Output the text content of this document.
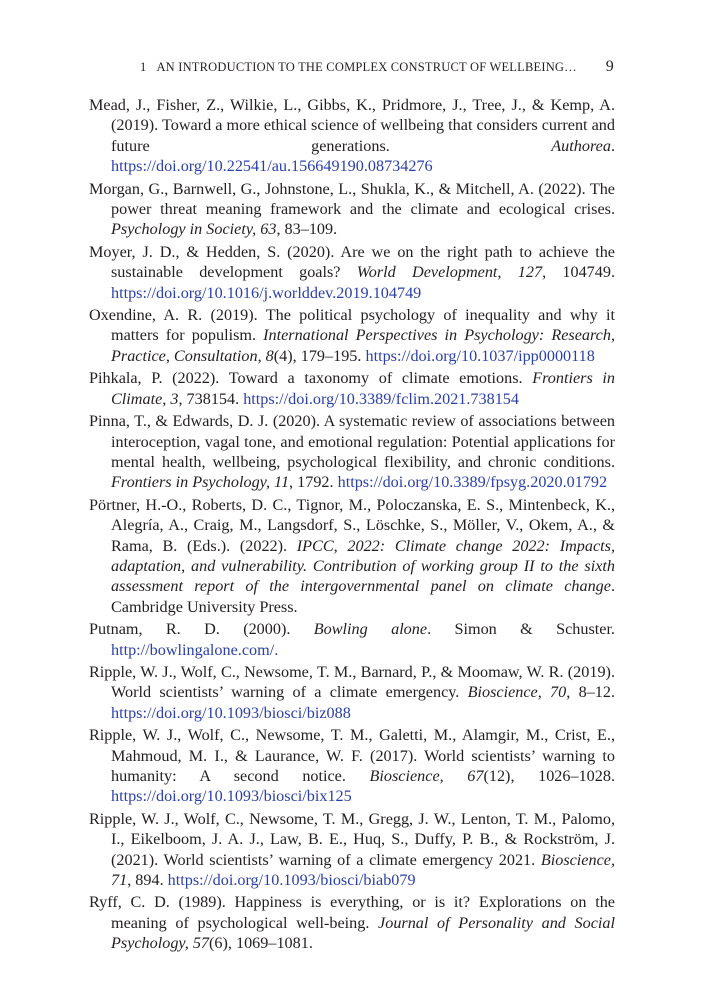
1 AN INTRODUCTION TO THE COMPLEX CONSTRUCT OF WELLBEING… 9
Mead, J., Fisher, Z., Wilkie, L., Gibbs, K., Pridmore, J., Tree, J., & Kemp, A. (2019). Toward a more ethical science of wellbeing that considers current and future generations. Authorea. https://doi.org/10.22541/au.156649190.08734276
Morgan, G., Barnwell, G., Johnstone, L., Shukla, K., & Mitchell, A. (2022). The power threat meaning framework and the climate and ecological crises. Psychology in Society, 63, 83–109.
Moyer, J. D., & Hedden, S. (2020). Are we on the right path to achieve the sustainable development goals? World Development, 127, 104749. https://doi.org/10.1016/j.worlddev.2019.104749
Oxendine, A. R. (2019). The political psychology of inequality and why it matters for populism. International Perspectives in Psychology: Research, Practice, Consultation, 8(4), 179–195. https://doi.org/10.1037/ipp0000118
Pihkala, P. (2022). Toward a taxonomy of climate emotions. Frontiers in Climate, 3, 738154. https://doi.org/10.3389/fclim.2021.738154
Pinna, T., & Edwards, D. J. (2020). A systematic review of associations between interoception, vagal tone, and emotional regulation: Potential applications for mental health, wellbeing, psychological flexibility, and chronic conditions. Frontiers in Psychology, 11, 1792. https://doi.org/10.3389/fpsyg.2020.01792
Pörtner, H.-O., Roberts, D. C., Tignor, M., Poloczanska, E. S., Mintenbeck, K., Alegría, A., Craig, M., Langsdorf, S., Löschke, S., Möller, V., Okem, A., & Rama, B. (Eds.). (2022). IPCC, 2022: Climate change 2022: Impacts, adaptation, and vulnerability. Contribution of working group II to the sixth assessment report of the intergovernmental panel on climate change. Cambridge University Press.
Putnam, R. D. (2000). Bowling alone. Simon & Schuster. http://bowlingalone.com/.
Ripple, W. J., Wolf, C., Newsome, T. M., Barnard, P., & Moomaw, W. R. (2019). World scientists’ warning of a climate emergency. Bioscience, 70, 8–12. https://doi.org/10.1093/biosci/biz088
Ripple, W. J., Wolf, C., Newsome, T. M., Galetti, M., Alamgir, M., Crist, E., Mahmoud, M. I., & Laurance, W. F. (2017). World scientists’ warning to humanity: A second notice. Bioscience, 67(12), 1026–1028. https://doi.org/10.1093/biosci/bix125
Ripple, W. J., Wolf, C., Newsome, T. M., Gregg, J. W., Lenton, T. M., Palomo, I., Eikelboom, J. A. J., Law, B. E., Huq, S., Duffy, P. B., & Rockström, J. (2021). World scientists’ warning of a climate emergency 2021. Bioscience, 71, 894. https://doi.org/10.1093/biosci/biab079
Ryff, C. D. (1989). Happiness is everything, or is it? Explorations on the meaning of psychological well-being. Journal of Personality and Social Psychology, 57(6), 1069–1081.
